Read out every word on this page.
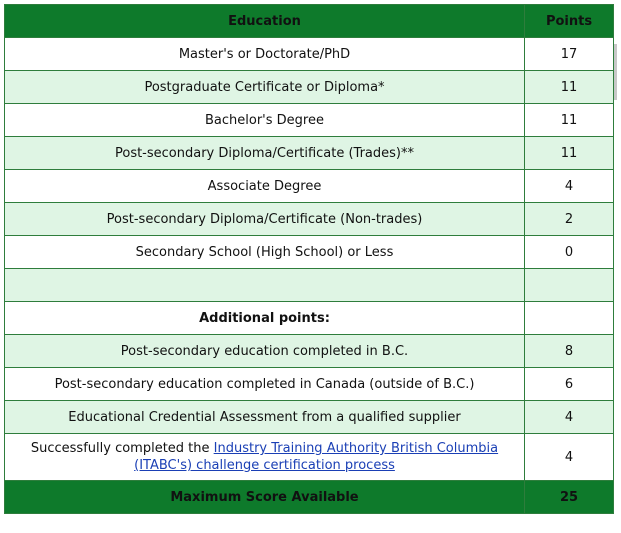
Education	Points
Master's or Doctorate/PhD	17
Postgraduate Certificate or Diploma*	11
Bachelor's Degree	11
Post-secondary Diploma/Certificate (Trades)**	11
Associate Degree	4
Post-secondary Diploma/Certificate (Non-trades)	2
Secondary School (High School) or Less	0

Additional points:	
Post-secondary education completed in B.C.	8
Post-secondary education completed in Canada (outside of B.C.)	6
Educational Credential Assessment from a qualified supplier	4
Successfully completed the Industry Training Authority British Columbia (ITABC's) challenge certification process	4
Maximum Score Available	25
